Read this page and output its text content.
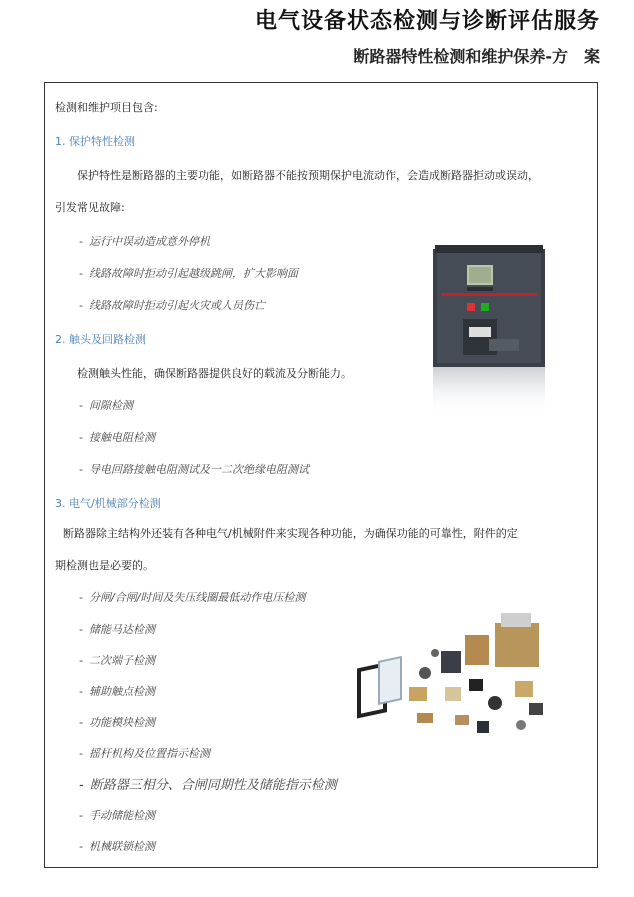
电气设备状态检测与诊断评估服务
断路器特性检测和维护保养-方　案
检测和维护项目包含:
1. 保护特性检测
保护特性是断路器的主要功能，如断路器不能按预期保护电流动作，会造成断路器拒动或误动，
引发常见故障:
- 运行中误动造成意外停机
- 线路故障时拒动引起越级跳闸，扩大影响面
- 线路故障时拒动引起火灾或人员伤亡
2. 触头及回路检测
检测触头性能，确保断路器提供良好的载流及分断能力。
- 间隙检测
- 接触电阻检测
- 导电回路接触电阻测试及一二次绝缘电阻测试
3. 电气/机械部分检测
断路器除主结构外还装有各种电气/机械附件来实现各种功能，为确保功能的可靠性，附件的定
期检测也是必要的。
- 分闸/合闸/时间及失压线圈最低动作电压检测
- 储能马达检测
- 二次端子检测
- 辅助触点检测
- 功能模块检测
- 摇杆机构及位置指示检测
- 断路器三相分、合闸同期性及储能指示检测
- 手动储能检测
- 机械联锁检测
